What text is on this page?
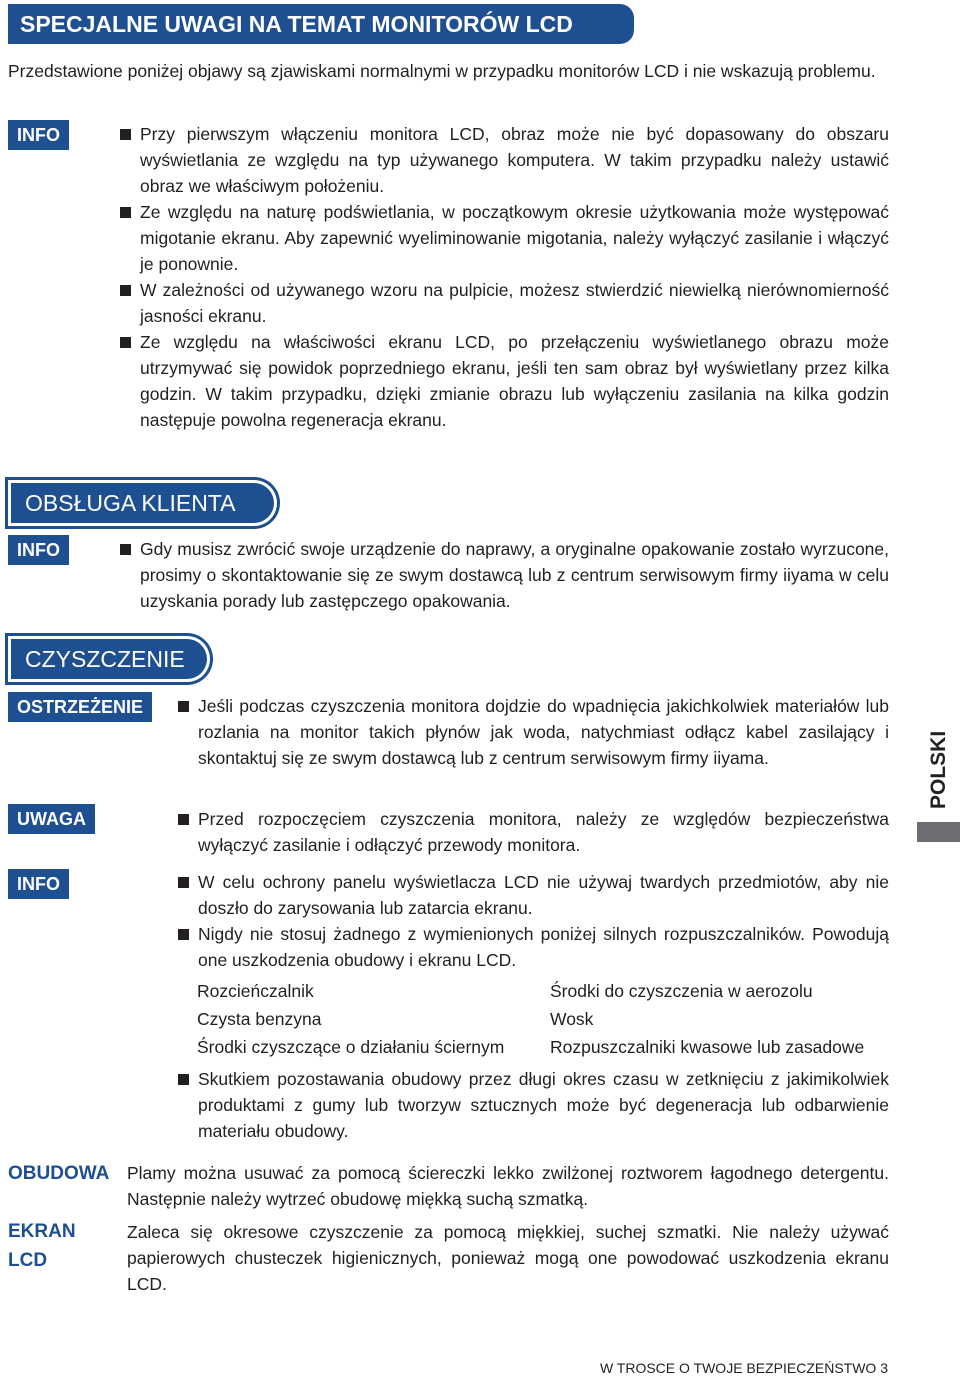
SPECJALNE UWAGI NA TEMAT MONITORÓW LCD
Przedstawione poniżej objawy są zjawiskami normalnymi w przypadku monitorów LCD i nie wskazują problemu.
INFO	Przy pierwszym włączeniu monitora LCD, obraz może nie być dopasowany do obszaru wyświetlania ze względu na typ używanego komputera. W takim przypadku należy ustawić obraz we właściwym położeniu.
Ze względu na naturę podświetlania, w początkowym okresie użytkowania może występować migotanie ekranu. Aby zapewnić wyeliminowanie migotania, należy wyłączyć zasilanie i włączyć je ponownie.
W zależności od używanego wzoru na pulpicie, możesz stwierdzić niewielką nierównomierność jasności ekranu.
Ze względu na właściwości ekranu LCD, po przełączeniu wyświetlanego obrazu może utrzymywać się powidok poprzedniego ekranu, jeśli ten sam obraz był wyświetlany przez kilka godzin. W takim przypadku, dzięki zmianie obrazu lub wyłączeniu zasilania na kilka godzin następuje powolna regeneracja ekranu.
OBSŁUGA KLIENTA
INFO	Gdy musisz zwrócić swoje urządzenie do naprawy, a oryginalne opakowanie zostało wyrzucone, prosimy o skontaktowanie się ze swym dostawcą lub z centrum serwisowym firmy iiyama w celu uzyskania porady lub zastępczego opakowania.
CZYSZCZENIE
OSTRZEŻENIE	Jeśli podczas czyszczenia monitora dojdzie do wpadnięcia jakichkolwiek materiałów lub rozlania na monitor takich płynów jak woda, natychmiast odłącz kabel zasilający i skontaktuj się ze swym dostawcą lub z centrum serwisowym firmy iiyama.
UWAGA	Przed rozpoczęciem czyszczenia monitora, należy ze względów bezpieczeństwa wyłączyć zasilanie i odłączyć przewody monitora.
INFO	W celu ochrony panelu wyświetlacza LCD nie używaj twardych przedmiotów, aby nie doszło do zarysowania lub zatarcia ekranu.
Nigdy nie stosuj żadnego z wymienionych poniżej silnych rozpuszczalników. Powodują one uszkodzenia obudowy i ekranu LCD.
Rozcieńczalnik	Środki do czyszczenia w aerozolu
Czysta benzyna	Wosk
Środki czyszczące o działaniu ściernym	Rozpuszczalniki kwasowe lub zasadowe
Skutkiem pozostawania obudowy przez długi okres czasu w zetknięciu z jakimikolwiek produktami z gumy lub tworzyw sztucznych może być degeneracja lub odbarwienie materiału obudowy.
OBUDOWA Plamy można usuwać za pomocą ściereczki lekko zwilżonej roztworem łagodnego detergentu. Następnie należy wytrzeć obudowę miękką suchą szmatką.
EKRAN
LCD
Zaleca się okresowe czyszczenie za pomocą miękkiej, suchej szmatki. Nie należy używać papierowych chusteczek higienicznych, ponieważ mogą one powodować uszkodzenia ekranu LCD.
POLSKI
W TROSCE O TWOJE BEZPIECZEŃSTWO 3
